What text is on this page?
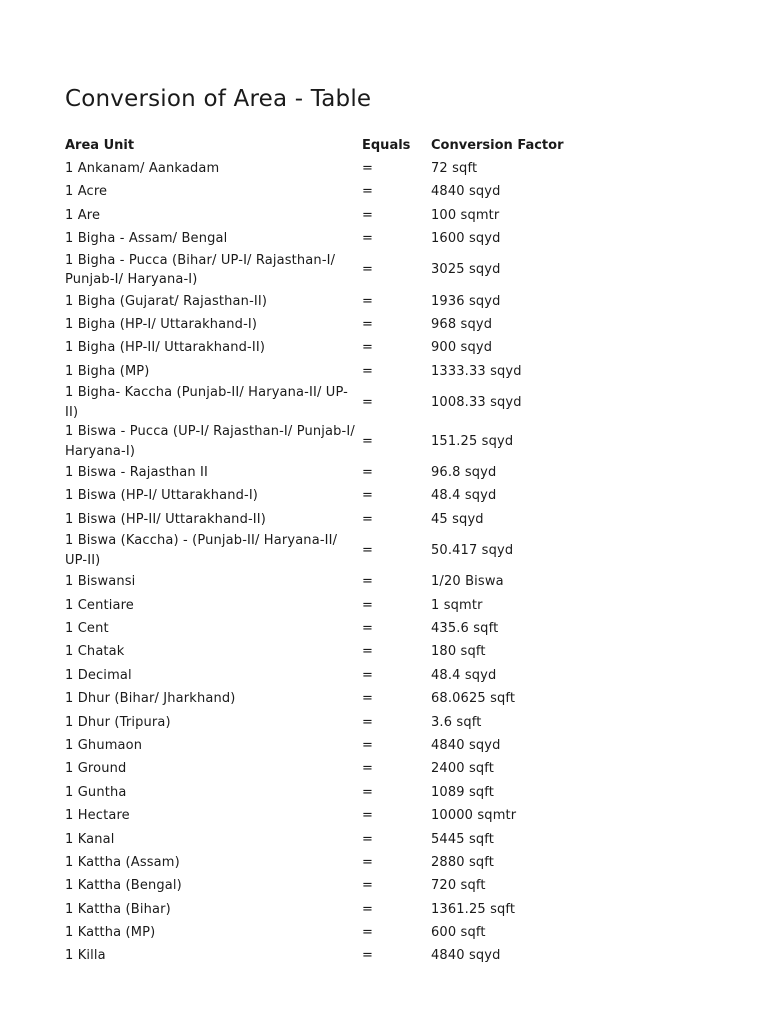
Conversion of Area - Table
Area Unit	Equals	Conversion Factor
1 Ankanam/ Aankadam	=	72 sqft
1 Acre	=	4840 sqyd
1 Are	=	100 sqmtr
1 Bigha - Assam/ Bengal	=	1600 sqyd
1 Bigha - Pucca (Bihar/ UP-I/ Rajasthan-I/ Punjab-I/ Haryana-I)	=	3025 sqyd
1 Bigha (Gujarat/ Rajasthan-II)	=	1936 sqyd
1 Bigha (HP-I/ Uttarakhand-I)	=	968 sqyd
1 Bigha (HP-II/ Uttarakhand-II)	=	900 sqyd
1 Bigha (MP)	=	1333.33 sqyd
1 Bigha- Kaccha (Punjab-II/ Haryana-II/ UP-II)	=	1008.33 sqyd
1 Biswa - Pucca (UP-I/ Rajasthan-I/ Punjab-I/ Haryana-I)	=	151.25 sqyd
1 Biswa - Rajasthan II	=	96.8 sqyd
1 Biswa (HP-I/ Uttarakhand-I)	=	48.4 sqyd
1 Biswa (HP-II/ Uttarakhand-II)	=	45 sqyd
1 Biswa (Kaccha) - (Punjab-II/ Haryana-II/ UP-II)	=	50.417 sqyd
1 Biswansi	=	1/20 Biswa
1 Centiare	=	1 sqmtr
1 Cent	=	435.6 sqft
1 Chatak	=	180 sqft
1 Decimal	=	48.4 sqyd
1 Dhur (Bihar/ Jharkhand)	=	68.0625 sqft
1 Dhur (Tripura)	=	3.6 sqft
1 Ghumaon	=	4840 sqyd
1 Ground	=	2400 sqft
1 Guntha	=	1089 sqft
1 Hectare	=	10000 sqmtr
1 Kanal	=	5445 sqft
1 Kattha (Assam)	=	2880 sqft
1 Kattha (Bengal)	=	720 sqft
1 Kattha (Bihar)	=	1361.25 sqft
1 Kattha (MP)	=	600 sqft
1 Killa	=	4840 sqyd
